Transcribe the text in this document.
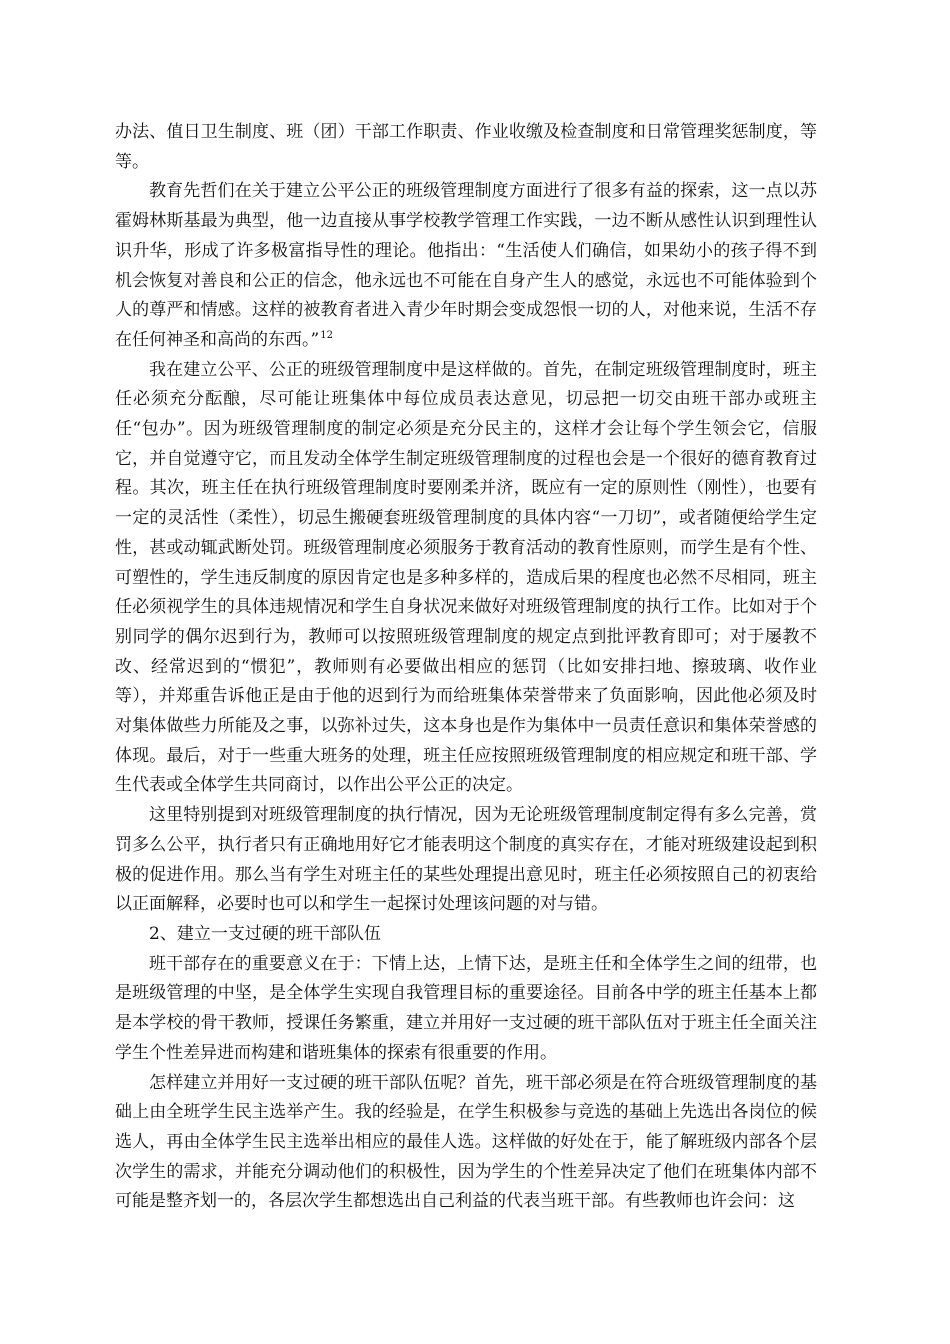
办法、值日卫生制度、班（团）干部工作职责、作业收缴及检查制度和日常管理奖惩制度，等等。

教育先哲们在关于建立公平公正的班级管理制度方面进行了很多有益的探索，这一点以苏霍姆林斯基最为典型，他一边直接从事学校教学管理工作实践，一边不断从感性认识到理性认识升华，形成了许多极富指导性的理论。他指出：“生活使人们确信，如果幼小的孩子得不到机会恢复对善良和公正的信念，他永远也不可能在自身产生人的感觉，永远也不可能体验到个人的尊严和情感。这样的被教育者进入青少年时期会变成怨恨一切的人，对他来说，生活不存在任何神圣和高尚的东西。”$^{12}$

我在建立公平、公正的班级管理制度中是这样做的。首先，在制定班级管理制度时，班主任必须充分酝酿，尽可能让班集体中每位成员表达意见，切忌把一切交由班干部办或班主任“包办”。因为班级管理制度的制定必须是充分民主的，这样才会让每个学生领会它，信服它，并自觉遵守它，而且发动全体学生制定班级管理制度的过程也会是一个很好的德育教育过程。其次，班主任在执行班级管理制度时要刚柔并济，既应有一定的原则性（刚性），也要有一定的灵活性（柔性），切忌生搬硬套班级管理制度的具体内容“一刀切”，或者随便给学生定性，甚或动辄武断处罚。班级管理制度必须服务于教育活动的教育性原则，而学生是有个性、可塑性的，学生违反制度的原因肯定也是多种多样的，造成后果的程度也必然不尽相同，班主任必须视学生的具体违规情况和学生自身状况来做好对班级管理制度的执行工作。比如对于个别同学的偶尔迟到行为，教师可以按照班级管理制度的规定点到批评教育即可；对于屡教不改、经常迟到的“惯犯”，教师则有必要做出相应的惩罚（比如安排扫地、擦玻璃、收作业等），并郑重告诉他正是由于他的迟到行为而给班集体荣誉带来了负面影响，因此他必须及时对集体做些力所能及之事，以弥补过失，这本身也是作为集体中一员责任意识和集体荣誉感的体现。最后，对于一些重大班务的处理，班主任应按照班级管理制度的相应规定和班干部、学生代表或全体学生共同商讨，以作出公平公正的决定。

这里特别提到对班级管理制度的执行情况，因为无论班级管理制度制定得有多么完善，赏罚多么公平，执行者只有正确地用好它才能表明这个制度的真实存在，才能对班级建设起到积极的促进作用。那么当有学生对班主任的某些处理提出意见时，班主任必须按照自己的初衷给以正面解释，必要时也可以和学生一起探讨处理该问题的对与错。

2、建立一支过硬的班干部队伍

班干部存在的重要意义在于：下情上达，上情下达，是班主任和全体学生之间的纽带，也是班级管理的中坚，是全体学生实现自我管理目标的重要途径。目前各中学的班主任基本上都是本学校的骨干教师，授课任务繁重，建立并用好一支过硬的班干部队伍对于班主任全面关注学生个性差异进而构建和谐班集体的探索有很重要的作用。

怎样建立并用好一支过硬的班干部队伍呢？首先，班干部必须是在符合班级管理制度的基础上由全班学生民主选举产生。我的经验是，在学生积极参与竞选的基础上先选出各岗位的候选人，再由全体学生民主选举出相应的最佳人选。这样做的好处在于，能了解班级内部各个层次学生的需求，并能充分调动他们的积极性，因为学生的个性差异决定了他们在班集体内部不可能是整齐划一的，各层次学生都想选出自己利益的代表当班干部。有些教师也许会问：这
